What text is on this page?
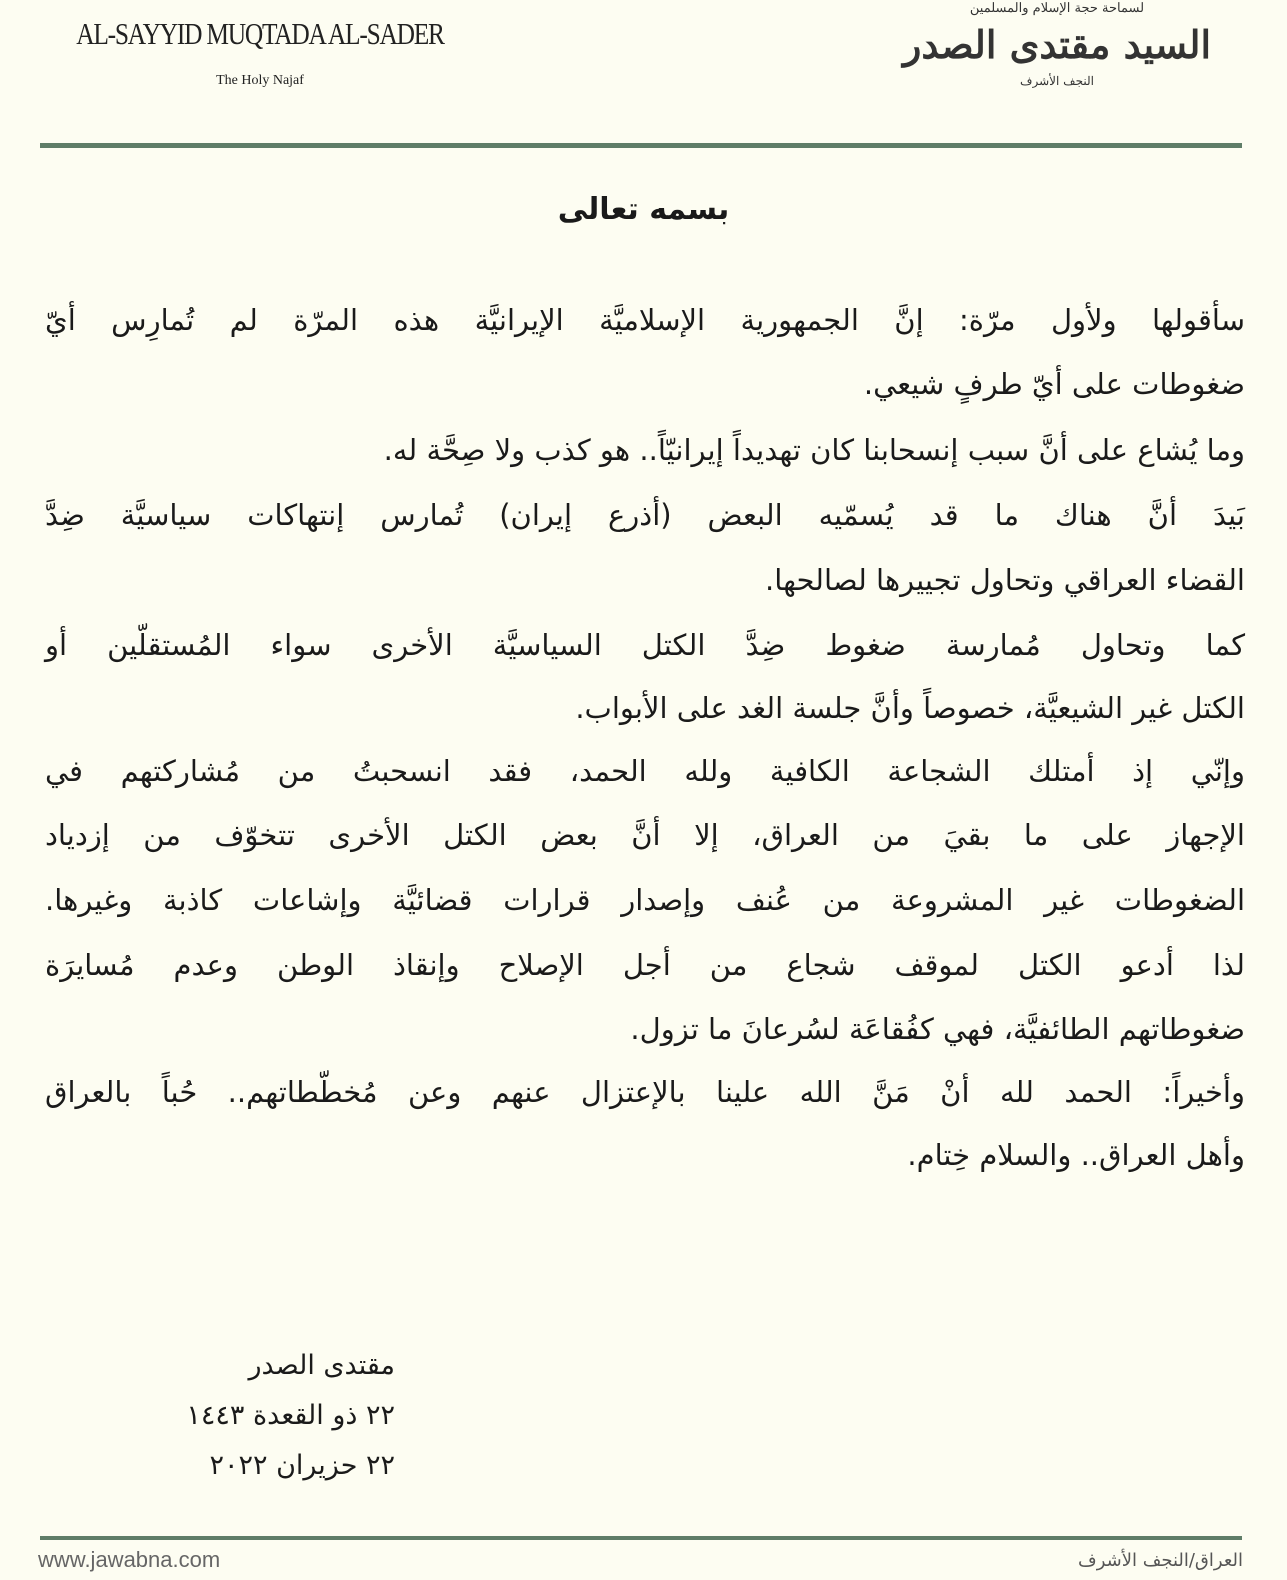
AL-SAYYID MUQTADA AL-SADER
The Holy Najaf
لسماحة حجة الإسلام والمسلمين
السيد مقتدى الصدر
النجف الأشرف
بسمه تعالى
سأقولها ولأول مرّة: إنَّ الجمهورية الإسلاميَّة الإيرانيَّة هذه المرّة لم تُمارِس أيّ
ضغوطات على أيّ طرفٍ شيعي.
وما يُشاع على أنَّ سبب إنسحابنا كان تهديداً إيرانيّاً.. هو كذب ولا صِحَّة له.
بَيدَ أنَّ هناك ما قد يُسمّيه البعض (أذرع إيران) تُمارس إنتهاكات سياسيَّة ضِدَّ
القضاء العراقي وتحاول تجييرها لصالحها.
كما وتحاول مُمارسة ضغوط ضِدَّ الكتل السياسيَّة الأخرى سواء المُستقلّين أو
الكتل غير الشيعيَّة، خصوصاً وأنَّ جلسة الغد على الأبواب.
وإنّي إذ أمتلك الشجاعة الكافية ولله الحمد، فقد انسحبتُ من مُشاركتهم في
الإجهاز على ما بقيَ من العراق، إلا أنَّ بعض الكتل الأخرى تتخوّف من إزدياد
الضغوطات غير المشروعة من عُنف وإصدار قرارات قضائيَّة وإشاعات كاذبة وغيرها.
لذا أدعو الكتل لموقف شجاع من أجل الإصلاح وإنقاذ الوطن وعدم مُسايرَة
ضغوطاتهم الطائفيَّة، فهي كفُقاعَة لسُرعانَ ما تزول.
وأخيراً: الحمد لله أنْ مَنَّ الله علينا بالإعتزال عنهم وعن مُخطّطاتهم.. حُباً بالعراق
وأهل العراق.. والسلام خِتام.
مقتدى الصدر
٢٢ ذو القعدة ١٤٤٣
٢٢ حزيران ٢٠٢٢
www.jawabna.com	العراق/النجف الأشرف
